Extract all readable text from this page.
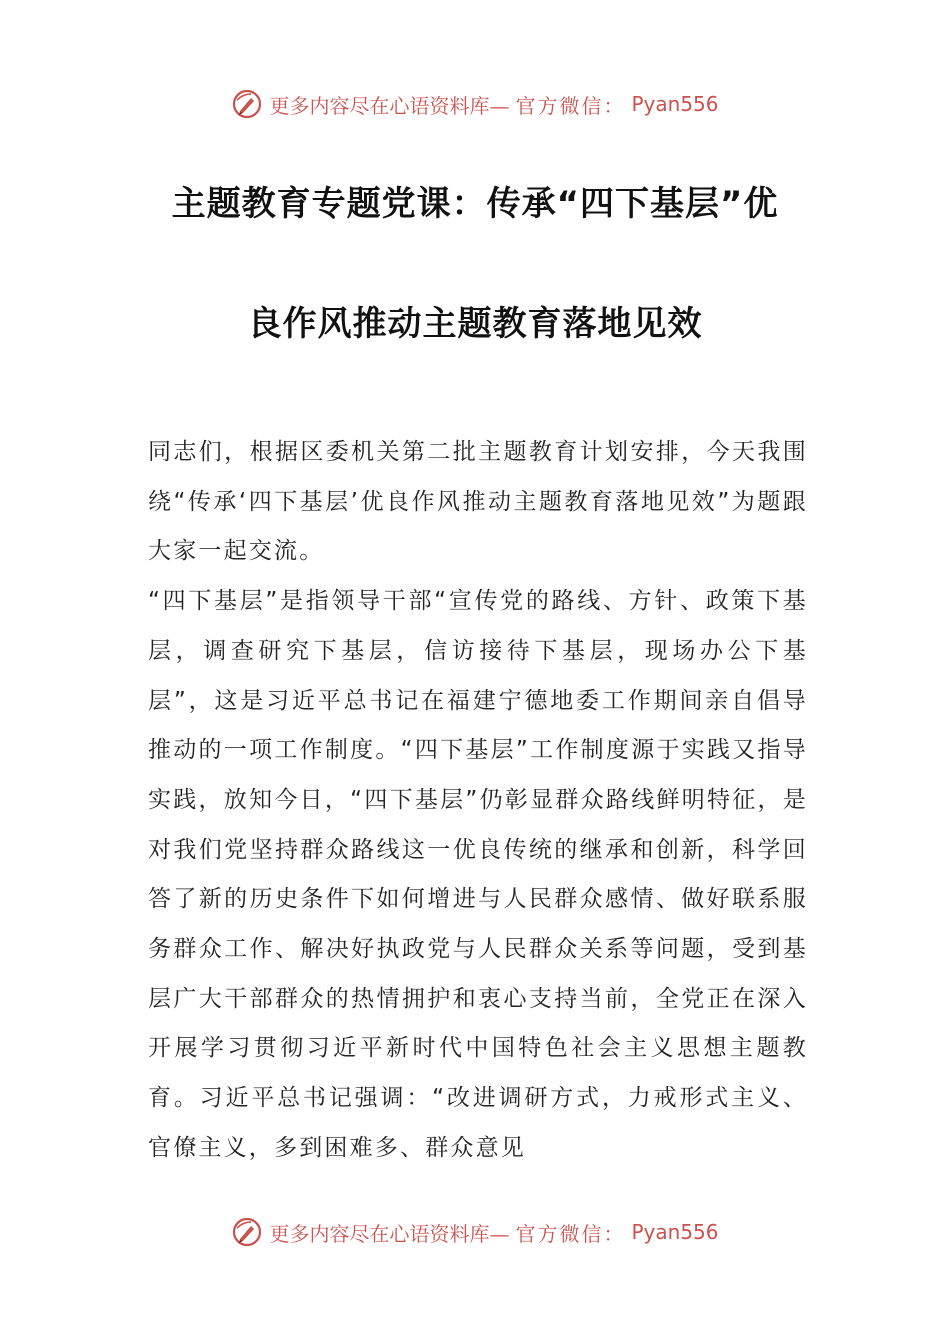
更多内容尽在心语资料库— 官方微信： Pyan556
主题教育专题党课：传承“四下基层”优
良作风推动主题教育落地见效

同志们，根据区委机关第二批主题教育计划安排，今天我围绕“传承‘四下基层’优良作风推动主题教育落地见效”为题跟大家一起交流。

“四下基层”是指领导干部“宣传党的路线、方针、政策下基层，调查研究下基层，信访接待下基层，现场办公下基层”，这是习近平总书记在福建宁德地委工作期间亲自倡导推动的一项工作制度。“四下基层”工作制度源于实践又指导实践，放知今日，“四下基层”仍彰显群众路线鲜明特征，是对我们党坚持群众路线这一优良传统的继承和创新，科学回答了新的历史条件下如何增进与人民群众感情、做好联系服务群众工作、解决好执政党与人民群众关系等问题，受到基层广大干部群众的热情拥护和衷心支持当前，全党正在深入开展学习贯彻习近平新时代中国特色社会主义思想主题教育。习近平总书记强调：“改进调研方式，力戒形式主义、官僚主义，多到困难多、群众意见

更多内容尽在心语资料库— 官方微信： Pyan556
